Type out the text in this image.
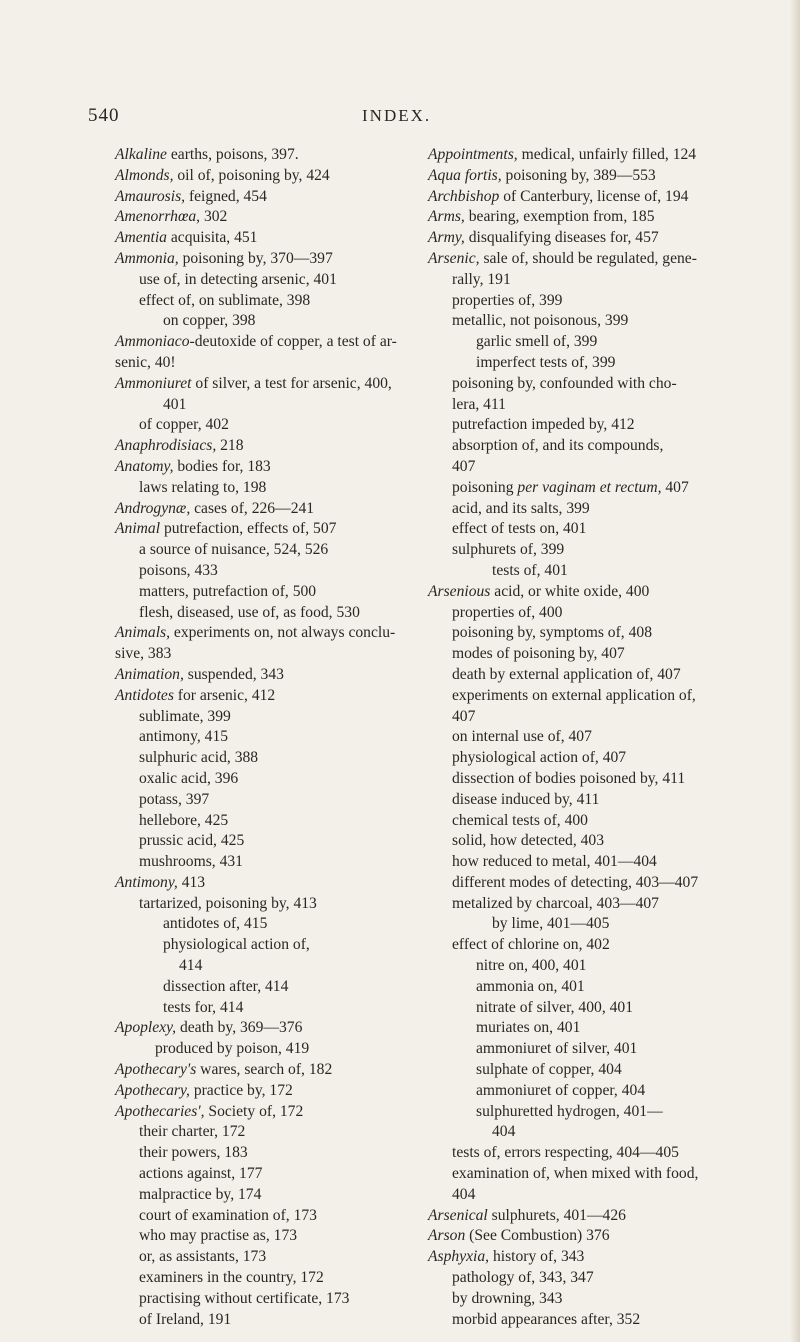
540	INDEX.
Alkaline earths, poisons, 397.
Almonds, oil of, poisoning by, 424
Amaurosis, feigned, 454
Amenorrhœa, 302
Amentia acquisita, 451
Ammonia, poisoning by, 370—397
use of, in detecting arsenic, 401
effect of, on sublimate, 398
on copper, 398
Ammoniaco-deutoxide of copper, a test of ar-
senic, 40!
Ammoniuret of silver, a test for arsenic, 400,
401
of copper, 402
Anaphrodisiacs, 218
Anatomy, bodies for, 183
laws relating to, 198
Androgynæ, cases of, 226—241
Animal putrefaction, effects of, 507
a source of nuisance, 524, 526
poisons, 433
matters, putrefaction of, 500
flesh, diseased, use of, as food, 530
Animals, experiments on, not always conclu-
sive, 383
Animation, suspended, 343
Antidotes for arsenic, 412
sublimate, 399
antimony, 415
sulphuric acid, 388
oxalic acid, 396
potass, 397
hellebore, 425
prussic acid, 425
mushrooms, 431
Antimony, 413
tartarized, poisoning by, 413
antidotes of, 415
physiological action of,
414
dissection after, 414
tests for, 414
Apoplexy, death by, 369—376
produced by poison, 419
Apothecary's wares, search of, 182
Apothecary, practice by, 172
Apothecaries', Society of, 172
their charter, 172
their powers, 183
actions against, 177
malpractice by, 174
court of examination of, 173
who may practise as, 173
or, as assistants, 173
examiners in the country, 172
practising without certificate, 173
of Ireland, 191
Appointments, medical, unfairly filled, 124
Aqua fortis, poisoning by, 389—553
Archbishop of Canterbury, license of, 194
Arms, bearing, exemption from, 185
Army, disqualifying diseases for, 457
Arsenic, sale of, should be regulated, gene-
rally, 191
properties of, 399
metallic, not poisonous, 399
garlic smell of, 399
imperfect tests of, 399
poisoning by, confounded with cho-
lera, 411
putrefaction impeded by, 412
absorption of, and its compounds,
407
poisoning per vaginam et rectum, 407
acid, and its salts, 399
effect of tests on, 401
sulphurets of, 399
tests of, 401
Arsenious acid, or white oxide, 400
properties of, 400
poisoning by, symptoms of, 408
modes of poisoning by, 407
death by external application of, 407
experiments on external application of,
407
on internal use of, 407
physiological action of, 407
dissection of bodies poisoned by, 411
disease induced by, 411
chemical tests of, 400
solid, how detected, 403
how reduced to metal, 401—404
different modes of detecting, 403—407
metalized by charcoal, 403—407
by lime, 401—405
effect of chlorine on, 402
nitre on, 400, 401
ammonia on, 401
nitrate of silver, 400, 401
muriates on, 401
ammoniuret of silver, 401
sulphate of copper, 404
ammoniuret of copper, 404
sulphuretted hydrogen, 401—
404
tests of, errors respecting, 404—405
examination of, when mixed with food,
404
Arsenical sulphurets, 401—426
Arson (See Combustion) 376
Asphyxia, history of, 343
pathology of, 343, 347
by drowning, 343
morbid appearances after, 352
